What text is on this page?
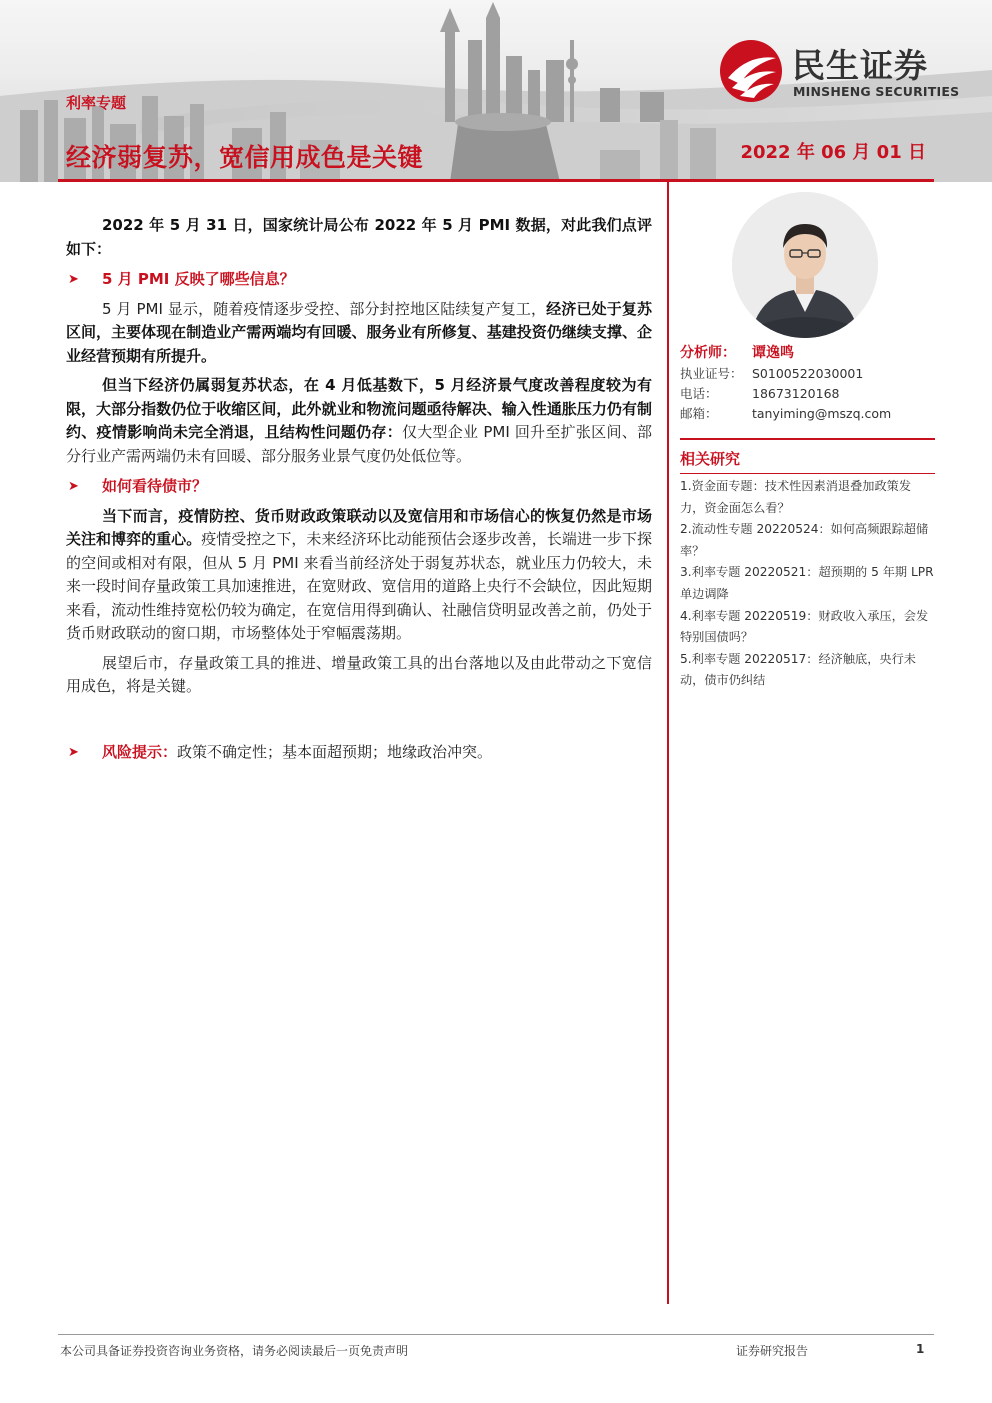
利率专题
经济弱复苏，宽信用成色是关键	2022 年 06 月 01 日
民生证券
MINSHENG SECURITIES

2022 年 5 月 31 日，国家统计局公布 2022 年 5 月 PMI 数据，对此我们点评如下：

➤ 5 月 PMI 反映了哪些信息？

5 月 PMI 显示，随着疫情逐步受控、部分封控地区陆续复产复工，经济已处于复苏区间，主要体现在制造业产需两端均有回暖、服务业有所修复、基建投资仍继续支撑、企业经营预期有所提升。

但当下经济仍属弱复苏状态，在 4 月低基数下，5 月经济景气度改善程度较为有限，大部分指数仍位于收缩区间，此外就业和物流问题亟待解决、输入性通胀压力仍有制约、疫情影响尚未完全消退，且结构性问题仍存：仅大型企业 PMI 回升至扩张区间、部分行业产需两端仍未有回暖、部分服务业景气度仍处低位等。

➤ 如何看待债市？

当下而言，疫情防控、货币财政政策联动以及宽信用和市场信心的恢复仍然是市场关注和博弈的重心。疫情受控之下，未来经济环比动能预估会逐步改善，长端进一步下探的空间或相对有限，但从 5 月 PMI 来看当前经济处于弱复苏状态，就业压力仍较大，未来一段时间存量政策工具加速推进，在宽财政、宽信用的道路上央行不会缺位，因此短期来看，流动性维持宽松仍较为确定，在宽信用得到确认、社融信贷明显改善之前，仍处于货币财政联动的窗口期，市场整体处于窄幅震荡期。

展望后市，存量政策工具的推进、增量政策工具的出台落地以及由此带动之下宽信用成色，将是关键。

➤ 风险提示：政策不确定性；基本面超预期；地缘政治冲突。
分析师：	谭逸鸣
执业证号： S0100522030001
电话：	18673120168
邮箱：	tanyiming@mszq.com
相关研究
1.资金面专题：技术性因素消退叠加政策发力，资金面怎么看？
2.流动性专题 20220524：如何高频跟踪超储率？
3.利率专题 20220521：超预期的 5 年期 LPR 单边调降
4.利率专题 20220519：财政收入承压，会发特别国债吗？
5.利率专题 20220517：经济触底，央行未动，债市仍纠结
本公司具备证券投资咨询业务资格，请务必阅读最后一页免责声明	证券研究报告	1
